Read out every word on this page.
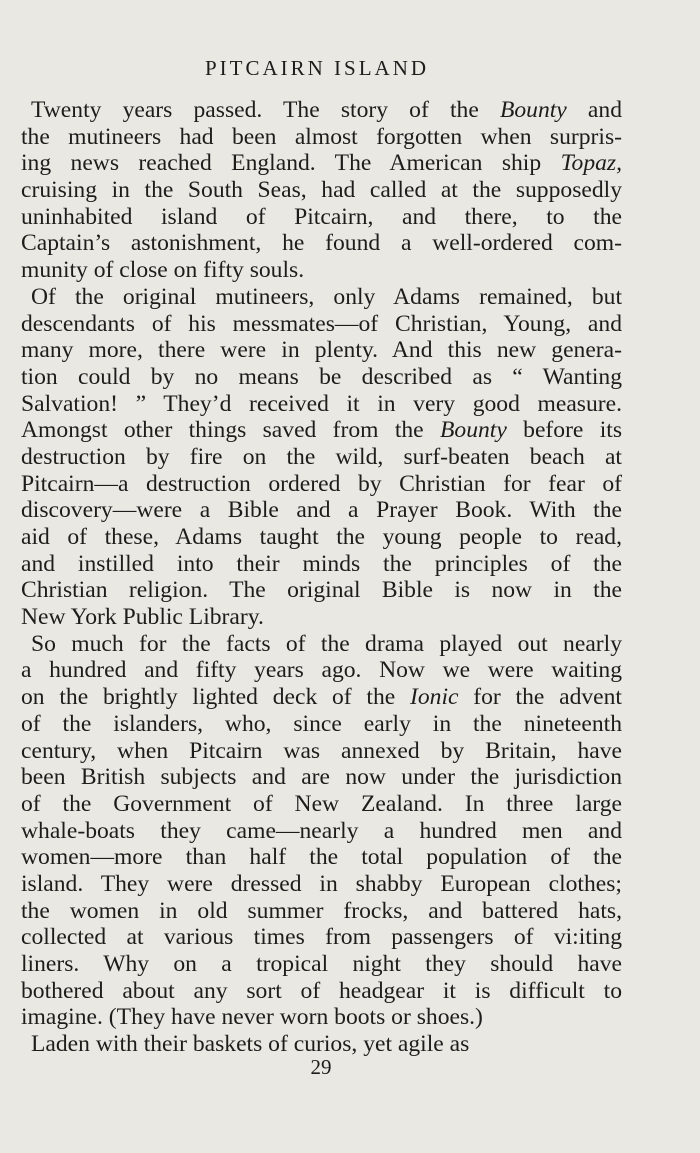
PITCAIRN ISLAND
Twenty years passed. The story of the Bounty and
the mutineers had been almost forgotten when surpris-
ing news reached England. The American ship Topaz,
cruising in the South Seas, had called at the supposedly
uninhabited island of Pitcairn, and there, to the
Captain’s astonishment, he found a well-ordered com-
munity of close on fifty souls.
Of the original mutineers, only Adams remained, but
descendants of his messmates—of Christian, Young, and
many more, there were in plenty. And this new genera-
tion could by no means be described as “ Wanting
Salvation! ” They’d received it in very good measure.
Amongst other things saved from the Bounty before its
destruction by fire on the wild, surf-beaten beach at
Pitcairn—a destruction ordered by Christian for fear of
discovery—were a Bible and a Prayer Book. With the
aid of these, Adams taught the young people to read,
and instilled into their minds the principles of the
Christian religion. The original Bible is now in the
New York Public Library.
So much for the facts of the drama played out nearly
a hundred and fifty years ago. Now we were waiting
on the brightly lighted deck of the Ionic for the advent
of the islanders, who, since early in the nineteenth
century, when Pitcairn was annexed by Britain, have
been British subjects and are now under the jurisdiction
of the Government of New Zealand. In three large
whale-boats they came—nearly a hundred men and
women—more than half the total population of the
island. They were dressed in shabby European clothes;
the women in old summer frocks, and battered hats,
collected at various times from passengers of vi:iting
liners. Why on a tropical night they should have
bothered about any sort of headgear it is difficult to
imagine. (They have never worn boots or shoes.)
Laden with their baskets of curios, yet agile as
29
